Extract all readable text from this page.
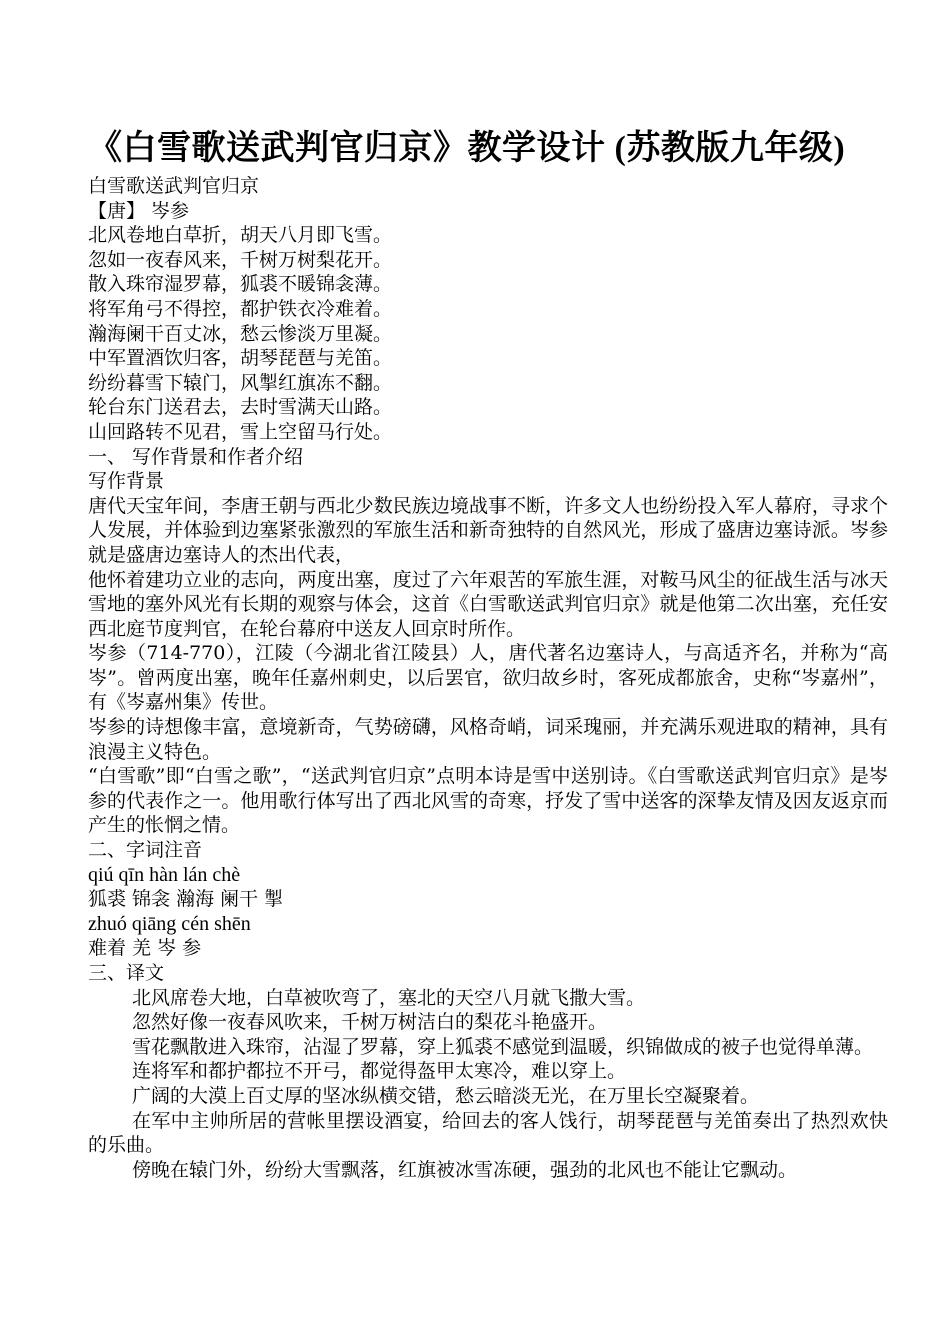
《白雪歌送武判官归京》教学设计 (苏教版九年级)

白雪歌送武判官归京

【唐】 岑参

北风卷地白草折，胡天八月即飞雪。

忽如一夜春风来，千树万树梨花开。

散入珠帘湿罗幕，狐裘不暖锦衾薄。

将军角弓不得控，都护铁衣冷难着。

瀚海阑干百丈冰，愁云惨淡万里凝。

中军置酒饮归客，胡琴琵琶与羌笛。

纷纷暮雪下辕门，风掣红旗冻不翻。

轮台东门送君去，去时雪满天山路。

山回路转不见君，雪上空留马行处。

一、 写作背景和作者介绍

写作背景

唐代天宝年间，李唐王朝与西北少数民族边境战事不断，许多文人也纷纷投入军人幕府，寻求个人发展，并体验到边塞紧张激烈的军旅生活和新奇独特的自然风光，形成了盛唐边塞诗派。岑参就是盛唐边塞诗人的杰出代表，

他怀着建功立业的志向，两度出塞，度过了六年艰苦的军旅生涯，对鞍马风尘的征战生活与冰天雪地的塞外风光有长期的观察与体会，这首《白雪歌送武判官归京》就是他第二次出塞，充任安西北庭节度判官，在轮台幕府中送友人回京时所作。

岑参（714-770），江陵（今湖北省江陵县）人，唐代著名边塞诗人，与高适齐名，并称为“高岑”。曾两度出塞，晚年任嘉州刺史，以后罢官，欲归故乡时，客死成都旅舍，史称“岑嘉州”，有《岑嘉州集》传世。

岑参的诗想像丰富，意境新奇，气势磅礴，风格奇峭，词采瑰丽，并充满乐观进取的精神，具有浪漫主义特色。

“白雪歌”即“白雪之歌”，“送武判官归京”点明本诗是雪中送别诗。《白雪歌送武判官归京》是岑参的代表作之一。他用歌行体写出了西北风雪的奇寒，抒发了雪中送客的深挚友情及因友返京而产生的怅惘之情。

二、字词注音

qiú qīn hàn lán chè

狐裘 锦衾 瀚海 阑干 掣

zhuó qiāng cén shēn

难着 羌 岑 参

三、译文

北风席卷大地，白草被吹弯了，塞北的天空八月就飞撒大雪。

忽然好像一夜春风吹来，千树万树洁白的梨花斗艳盛开。

雪花飘散进入珠帘，沾湿了罗幕，穿上狐裘不感觉到温暖，织锦做成的被子也觉得单薄。

连将军和都护都拉不开弓，都觉得盔甲太寒冷，难以穿上。

广阔的大漠上百丈厚的坚冰纵横交错，愁云暗淡无光，在万里长空凝聚着。

在军中主帅所居的营帐里摆设酒宴，给回去的客人饯行，胡琴琵琶与羌笛奏出了热烈欢快的乐曲。

傍晚在辕门外，纷纷大雪飘落，红旗被冰雪冻硬，强劲的北风也不能让它飘动。
